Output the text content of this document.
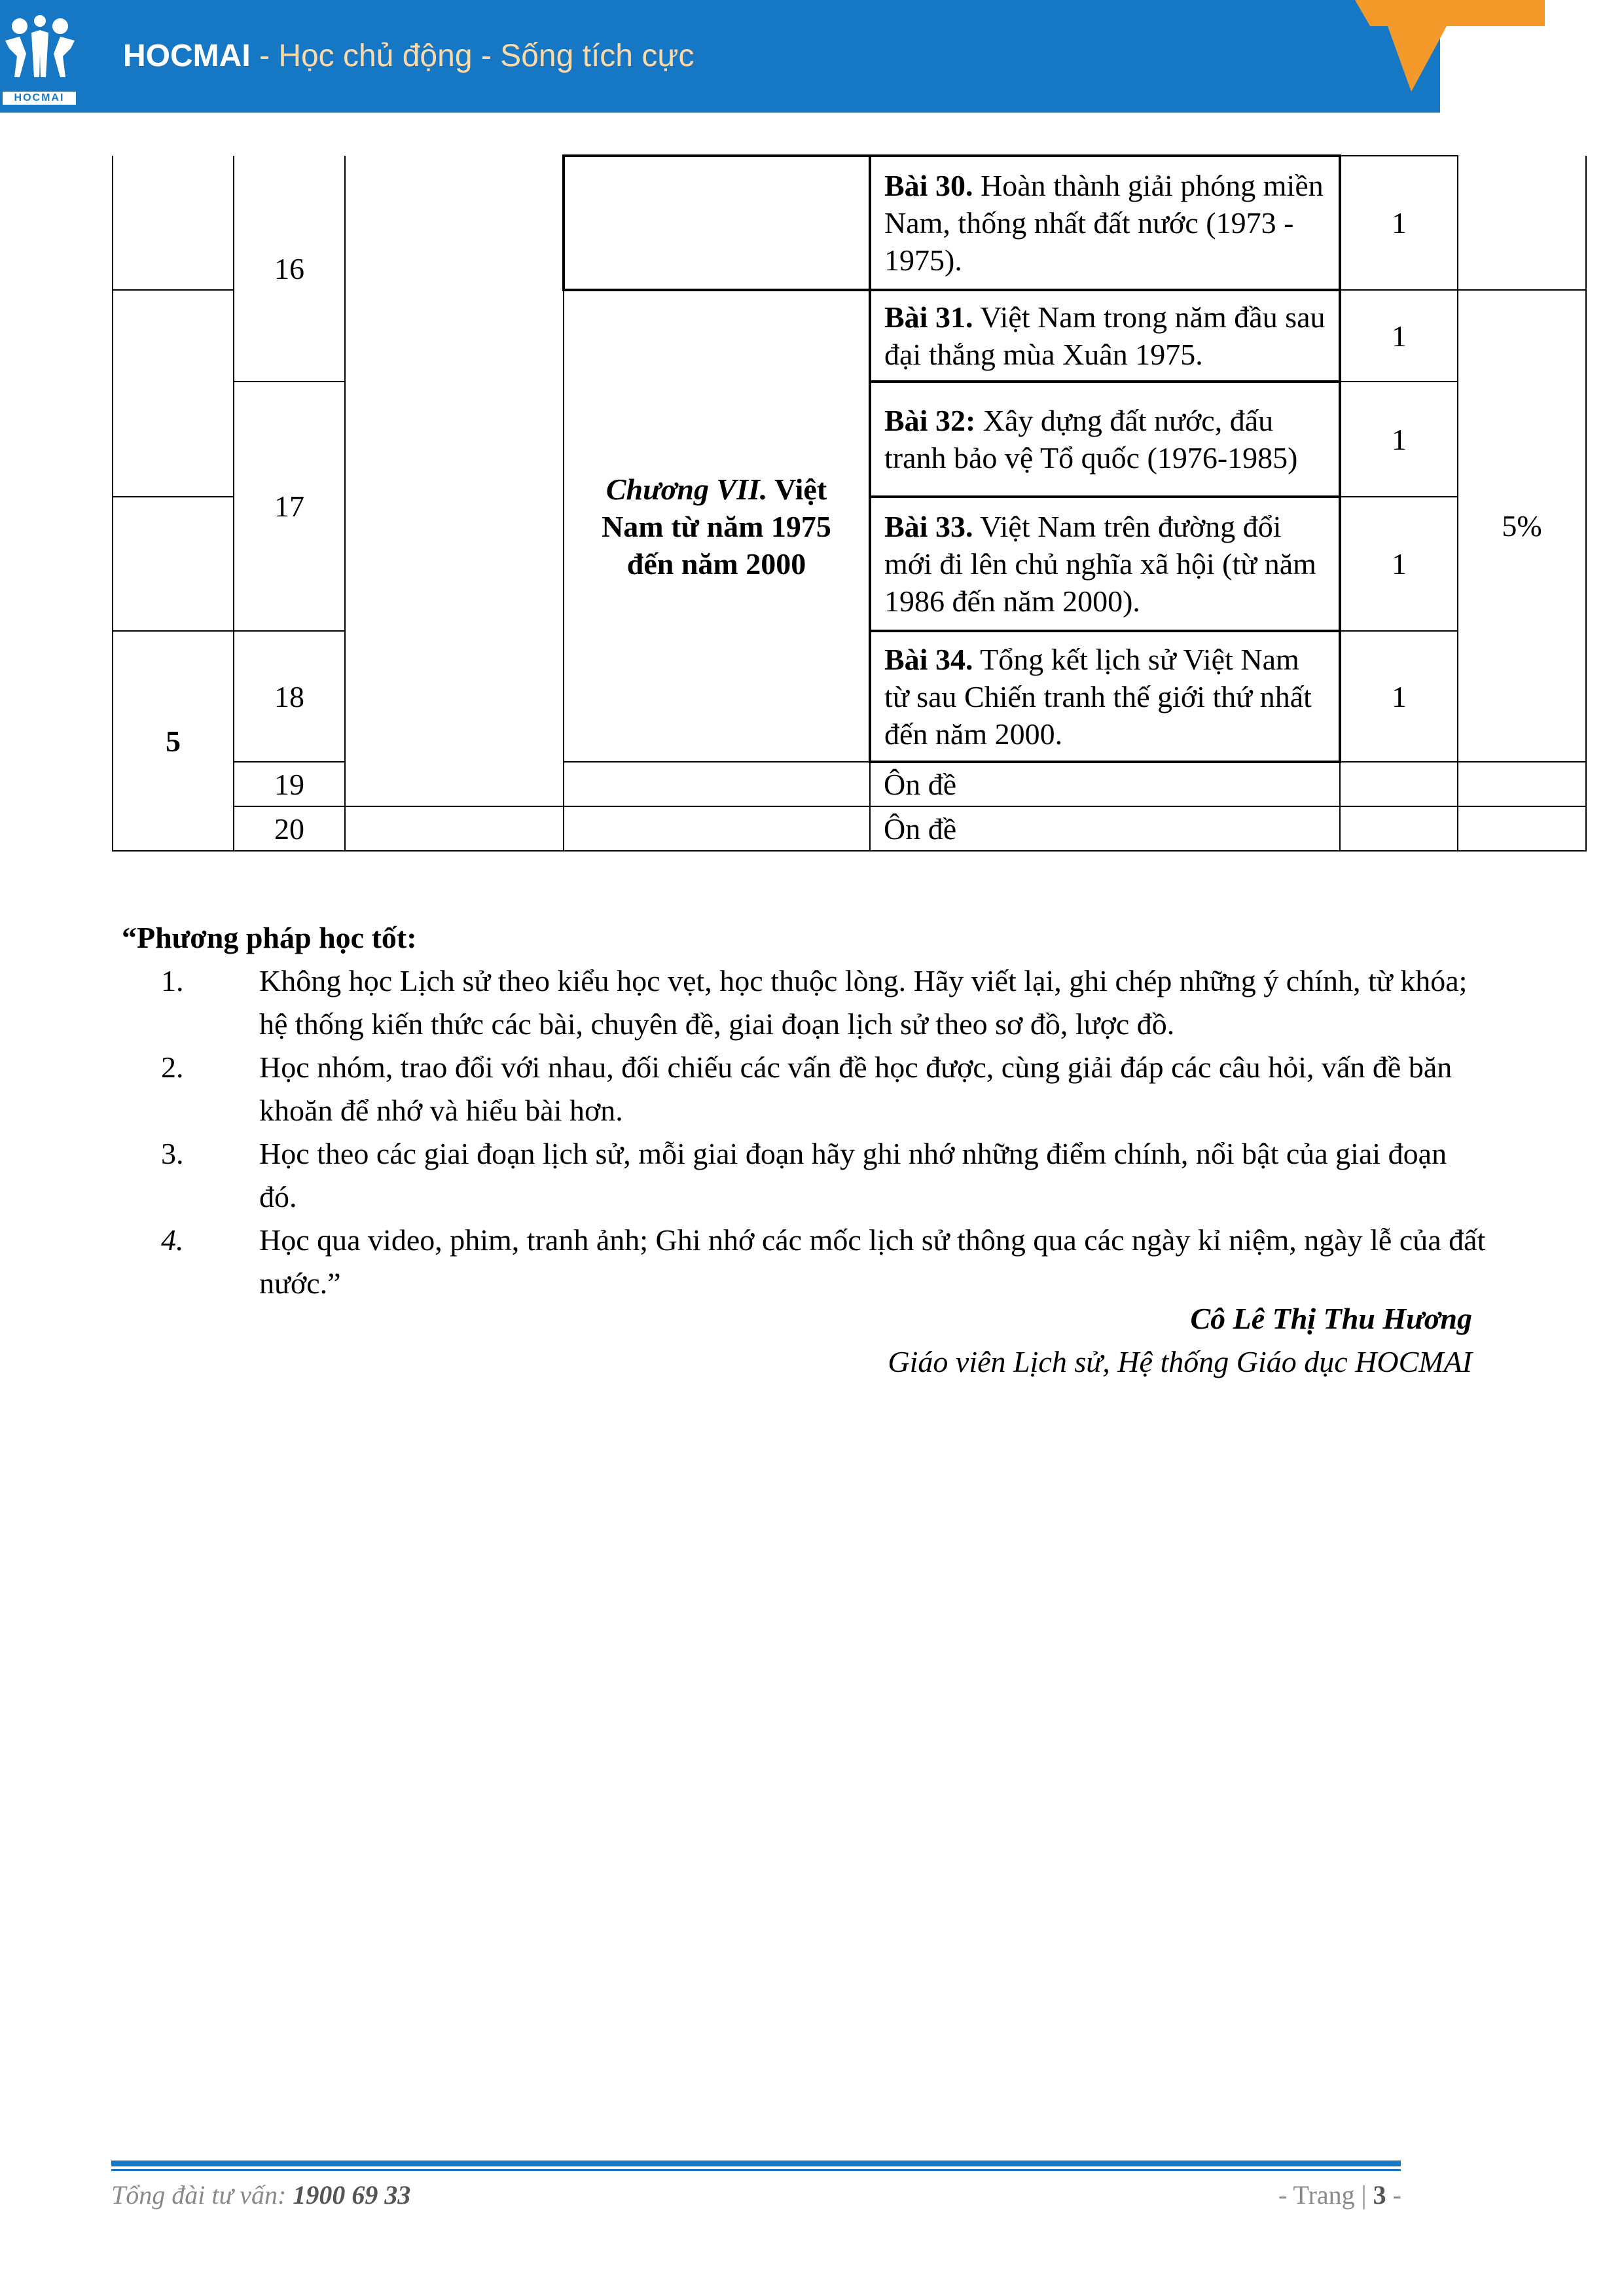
HOCMAI
HOCMAI - Học chủ động - Sống tích cực
	16			Bài 30. Hoàn thành giải phóng miền Nam, thống nhất đất nước (1973 - 1975).	1	
			Chương VII. Việt Nam từ năm 1975 đến năm 2000	Bài 31. Việt Nam trong năm đầu sau đại thắng mùa Xuân 1975.	1	5%
	17			Bài 32: Xây dựng đất nước, đấu tranh bảo vệ Tổ quốc (1976-1985)	1	
				Bài 33. Việt Nam trên đường đổi mới đi lên chủ nghĩa xã hội (từ năm 1986 đến năm 2000).	1	
5	18			Bài 34. Tổng kết lịch sử Việt Nam từ sau Chiến tranh thế giới thứ nhất đến năm 2000.	1	
	19			Ôn đề		
	20			Ôn đề		

“Phương pháp học tốt:

1.	Không học Lịch sử theo kiểu học vẹt, học thuộc lòng. Hãy viết lại, ghi chép những ý chính, từ khóa; hệ thống kiến thức các bài, chuyên đề, giai đoạn lịch sử theo sơ đồ, lược đồ.
2.	Học nhóm, trao đổi với nhau, đối chiếu các vấn đề học được, cùng giải đáp các câu hỏi, vấn đề băn khoăn để nhớ và hiểu bài hơn.
3.	Học theo các giai đoạn lịch sử, mỗi giai đoạn hãy ghi nhớ những điểm chính, nổi bật của giai đoạn đó.
4.	Học qua video, phim, tranh ảnh; Ghi nhớ các mốc lịch sử thông qua các ngày kỉ niệm, ngày lễ của đất nước.”
Cô Lê Thị Thu Hương
Giáo viên Lịch sử, Hệ thống Giáo dục HOCMAI
Tổng đài tư vấn: 1900 69 33	- Trang | 3 -
